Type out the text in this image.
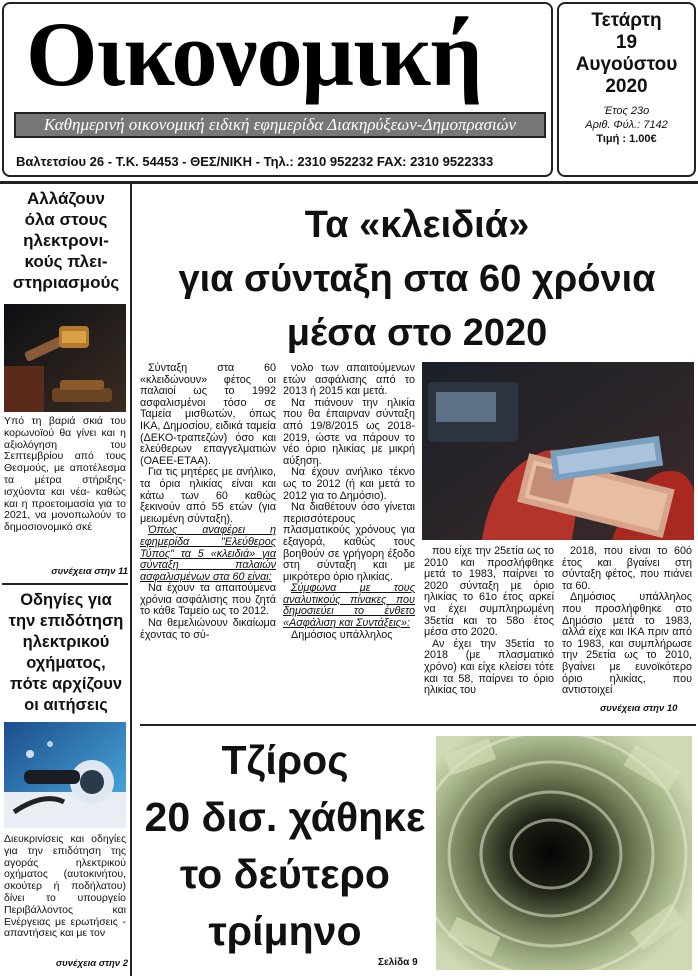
Οικονομική
Καθημερινή οικονομική ειδική εφημερίδα Διακηρύξεων-Δημοπρασιών
Βαλτετσίου 26 - Τ.Κ. 54453 - ΘΕΣ/ΝΙΚΗ - Τηλ.: 2310 952232 FAX: 2310 9522333
Τετάρτη
19
Αυγούστου
2020
Έτος 23ο
Αριθ. Φύλ.: 7142
Τιμή : 1.00€
Αλλάζουν
όλα στους
ηλεκτρονι-
κούς πλει-
στηριασμούς
Υπό τη βαριά σκιά του κορωνοϊού θα γίνει και η αξιολόγηση του Σεπτεμβρίου από τους Θεσμούς, με αποτέλεσμα τα μέτρα στήριξης- ισχύοντα και νέα- καθώς και η προετοιμασία για το 2021, να μονοπωλούν το δημοσιονομικό σκέ
συνέχεια στην 11
Οδηγίες για
την επιδότηση
ηλεκτρικού
οχήματος,
πότε αρχίζουν
οι αιτήσεις
Διευκρινίσεις και οδηγίες για την επιδότηση της αγοράς ηλεκτρικού οχήματος (αυτοκινήτου, σκούτερ ή ποδήλατου) δίνει το υπουργείο Περιβάλλοντος και Ενέργειας με ερωτήσεις - απαντήσεις και με τον
συνέχεια στην 2
Τα «κλειδιά»
για σύνταξη στα 60 χρόνια
μέσα στο 2020

Σύνταξη στα 60 «κλειδώνουν» φέτος οι παλαιοί ως το 1992 ασφαλισμένοι τόσο σε Ταμεία μισθωτών, όπως ΙΚΑ, Δημοσίου, ειδικά ταμεία (ΔΕΚΟ-τραπεζών) όσο και ελεύθερων επαγγελματιών (ΟΑΕΕ-ΕΤΑΑ).

Για τις μητέρες με ανήλικο, τα όρια ηλικίας είναι και κάτω των 60 καθώς ξεκινούν από 55 ετών (για μειωμένη σύνταξη).

Όπως αναφέρει η εφημερίδα "Ελεύθερος Τύπος" τα 5 «κλειδιά» για σύνταξη παλαιών ασφαλισμένων στα 60 είναι:

Να έχουν τα απαιτούμενα χρόνια ασφάλισης που ζητά το κάθε Ταμείο ως το 2012.

Να θεμελιώνουν δικαίωμα έχοντας το σύ-

νολο των απαιτούμενων ετών ασφάλισης από το 2013 ή 2015 και μετά.

Να πιάνουν την ηλικία που θα έπαιρναν σύνταξη από 19/8/2015 ως 2018-2019, ώστε να πάρουν το νέο όριο ηλικίας με μικρή αύξηση.

Να έχουν ανήλικο τέκνο ως το 2012 (ή και μετά το 2012 για το Δημόσιο).

Να διαθέτουν όσο γίνεται περισσότερους πλασματικούς χρόνους για εξαγορά, καθώς τους βοηθούν σε γρήγορη έξοδο στη σύνταξη και με μικρότερο όριο ηλικίας.

Σύμφωνα με τους αναλυτικούς πίνακες που δημοσιεύει το ένθετο «Ασφάλιση και Συντάξεις»:

Δημόσιος υπάλληλος

που είχε την 25ετία ως το 2010 και προσλήφθηκε μετά το 1983, παίρνει το 2020 σύνταξη με όριο ηλικίας το 61ο έτος αρκεί να έχει συμπληρωμένη 35ετία και το 58ο έτος μέσα στο 2020.

Αν έχει την 35ετία το 2018 (με πλασματικό χρόνο) και είχε κλείσει τότε και τα 58, παίρνει το όριο ηλικίας του

2018, που είναι το 60ό έτος και βγαίνει στη σύνταξη φέτος, που πιάνει τα 60.

Δημόσιος υπάλληλος που προσλήφθηκε στο Δημόσιο μετά το 1983, αλλά είχε και ΙΚΑ πριν από το 1983, και συμπλήρωσε την 25ετία ως το 2010, βγαίνει με ευνοϊκότερο όριο ηλικίας, που αντιστοιχεί

συνέχεια στην 10
Τζίρος
20 δισ. χάθηκε
το δεύτερο
τρίμηνο
Σελίδα 9
